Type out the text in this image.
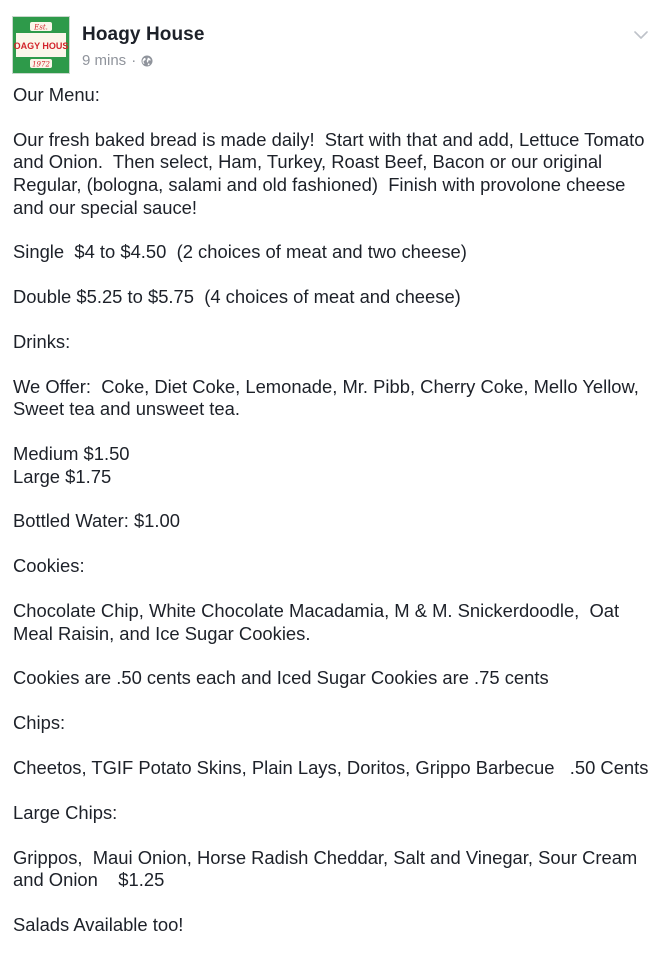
Est.
OAGY HOUS
1972
Hoagy House
9 mins ·

Our Menu:

Our fresh baked bread is made daily!  Start with that and add, Lettuce Tomato and Onion.  Then select, Ham, Turkey, Roast Beef, Bacon or our original Regular, (bologna, salami and old fashioned)  Finish with provolone cheese and our special sauce!

Single  $4 to $4.50  (2 choices of meat and two cheese)

Double $5.25 to $5.75  (4 choices of meat and cheese)

Drinks:

We Offer:  Coke, Diet Coke, Lemonade, Mr. Pibb, Cherry Coke, Mello Yellow, Sweet tea and unsweet tea.

Medium $1.50
Large $1.75

Bottled Water: $1.00

Cookies:

Chocolate Chip, White Chocolate Macadamia, M & M. Snickerdoodle,  Oat Meal Raisin, and Ice Sugar Cookies.

Cookies are .50 cents each and Iced Sugar Cookies are .75 cents

Chips:

Cheetos, TGIF Potato Skins, Plain Lays, Doritos, Grippo Barbecue   .50 Cents

Large Chips:

Grippos,  Maui Onion, Horse Radish Cheddar, Salt and Vinegar, Sour Cream and Onion    $1.25

Salads Available too!
